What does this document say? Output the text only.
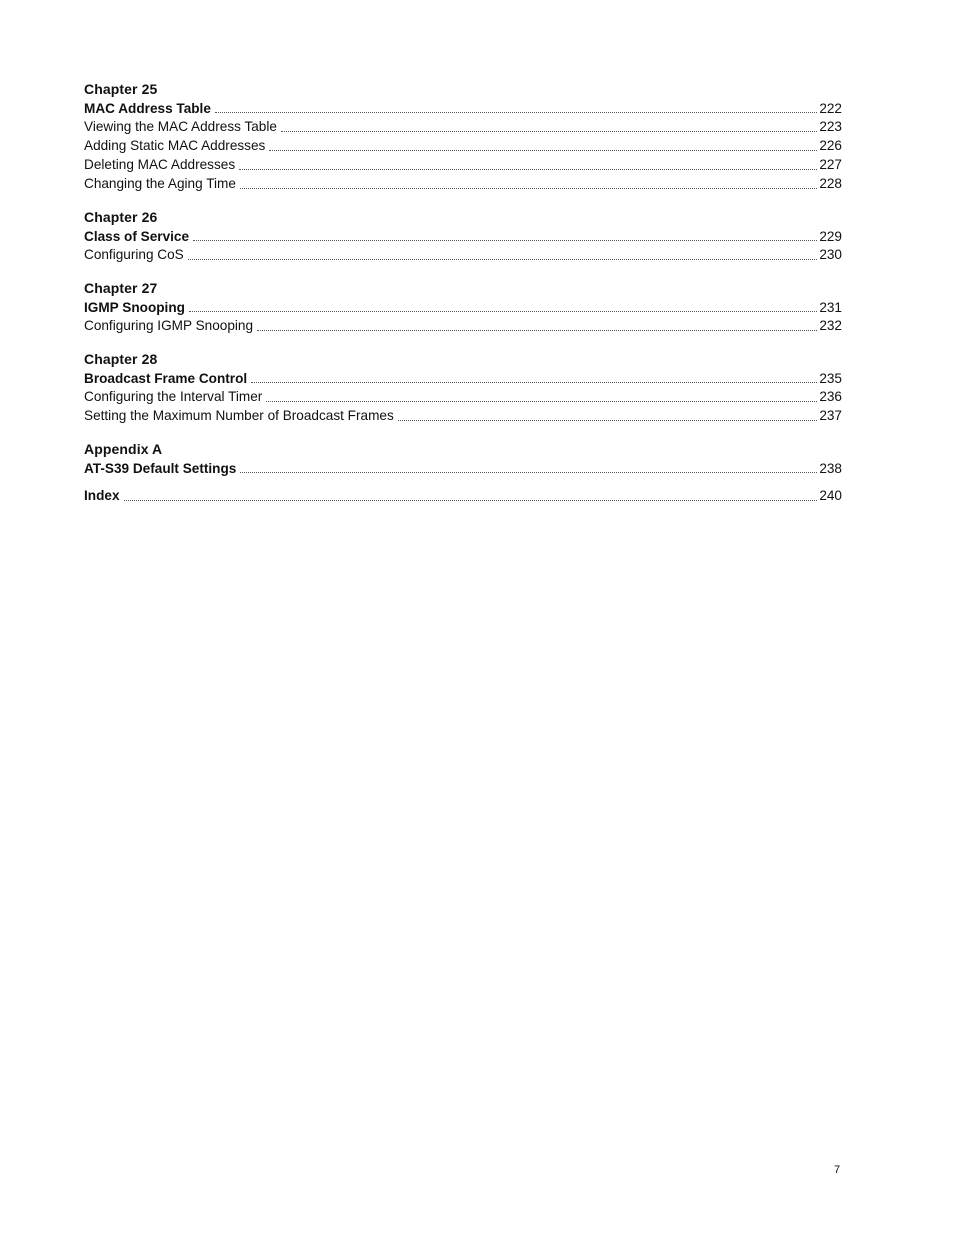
Chapter 25
MAC Address Table	222
Viewing the MAC Address Table	223
Adding Static MAC Addresses	226
Deleting MAC Addresses	227
Changing the Aging Time	228
Chapter 26
Class of Service	229
Configuring CoS	230
Chapter 27
IGMP Snooping	231
Configuring IGMP Snooping	232
Chapter 28
Broadcast Frame Control	235
Configuring the Interval Timer	236
Setting the Maximum Number of Broadcast Frames	237
Appendix A
AT-S39 Default Settings	238
Index	240
7
